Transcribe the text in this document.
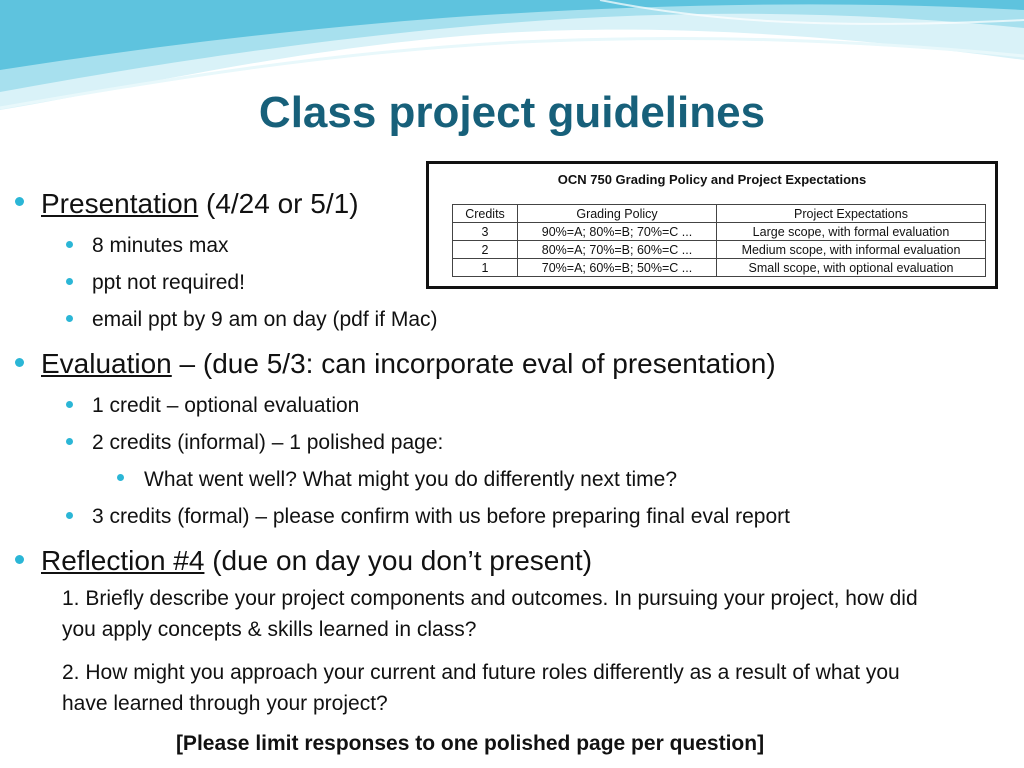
Class project guidelines
Presentation (4/24 or 5/1)
8 minutes max
ppt not required!
email ppt by 9 am on day (pdf if Mac)
Evaluation – (due 5/3: can incorporate eval of presentation)
1 credit – optional evaluation
2 credits (informal) – 1 polished page:
What went well? What might you do differently next time?
3 credits (formal) – please confirm with us before preparing final eval report
Reflection #4 (due on day you don’t present)
1. Briefly describe your project components and outcomes. In pursuing your project, how did you apply concepts & skills learned in class?
2. How might you approach your current and future roles differently as a result of what you have learned through your project?
[Please limit responses to one polished page per question]
OCN 750 Grading Policy and Project Expectations
Credits	Grading Policy	Project Expectations
3	90%=A; 80%=B; 70%=C ...	Large scope, with formal evaluation
2	80%=A; 70%=B; 60%=C ...	Medium scope, with informal evaluation
1	70%=A; 60%=B; 50%=C ...	Small scope, with optional evaluation
